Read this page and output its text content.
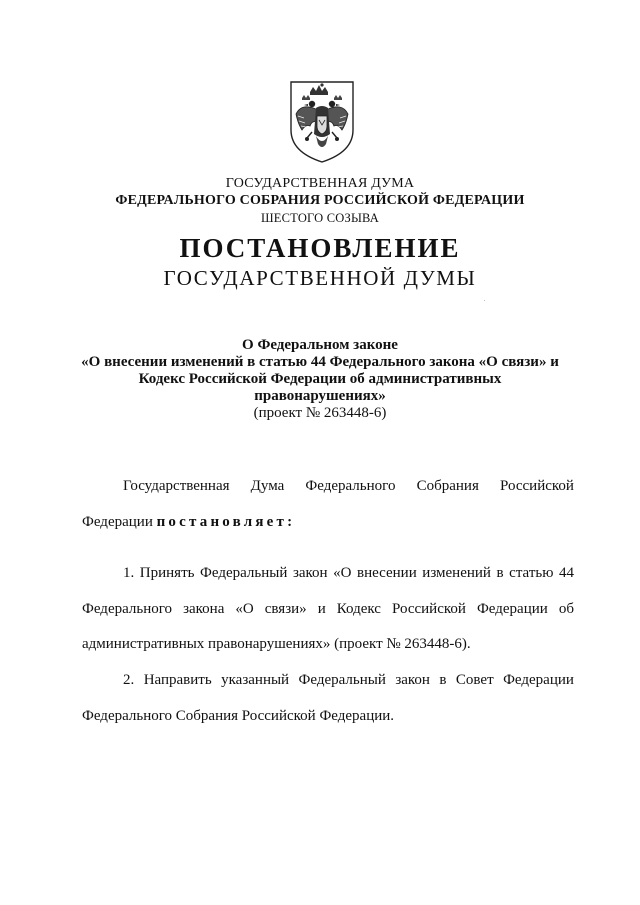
ГОСУДАРСТВЕННАЯ ДУМА
ФЕДЕРАЛЬНОГО СОБРАНИЯ РОССИЙСКОЙ ФЕДЕРАЦИИ
ШЕСТОГО СОЗЫВА
ПОСТАНОВЛЕНИЕ
ГОСУДАРСТВЕННОЙ ДУМЫ
О Федеральном законе
«О внесении изменений в статью 44 Федерального закона «О связи» и
Кодекс Российской Федерации об административных
правонарушениях»
(проект № 263448-6)
Государственная Дума Федерального Собрания Российской
Федерации постановляет:
1. Принять Федеральный закон «О внесении изменений в статью 44
Федерального закона «О связи» и Кодекс Российской Федерации об
административных правонарушениях» (проект № 263448-6).
2. Направить указанный Федеральный закон в Совет Федерации
Федерального Собрания Российской Федерации.
